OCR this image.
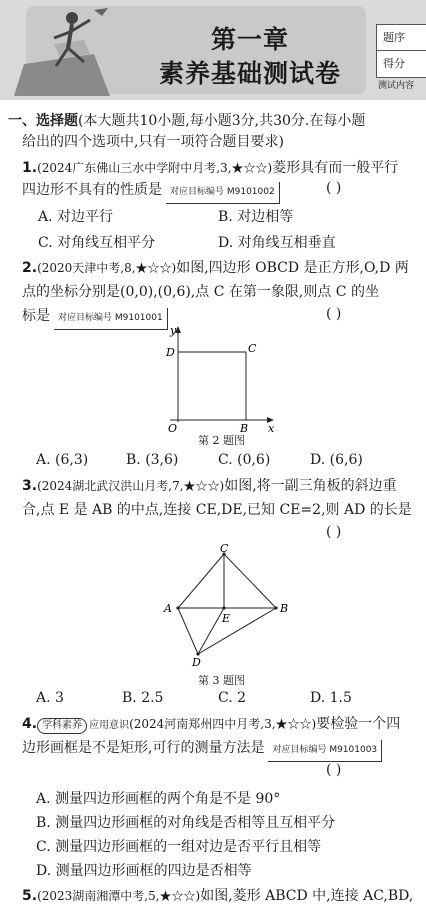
第一章
素养基础测试卷
题序
得分
测试内容
一、选择题(本大题共10小题,每小题3分,共30分.在每小题
给出的四个选项中,只有一项符合题目要求)
1.(2024广东佛山三水中学附中月考,3,★☆☆)菱形具有而一般平行
四边形不具有的性质是 对应目标编号 M9101002	( )
A. 对边平行	B. 对边相等
C. 对角线互相平分	D. 对角线互相垂直
2.(2020天津中考,8,★☆☆)如图,四边形 OBCD 是正方形,O,D 两
点的坐标分别是(0,0),(0,6),点 C 在第一象限,则点 C 的坐
标是 对应目标编号 M9101001	( )
y
x
D	C
O	B
第 2 题图
A. (6,3)	B. (3,6)	C. (0,6)	D. (6,6)
3.(2024湖北武汉洪山月考,7,★☆☆)如图,将一副三角板的斜边重
合,点 E 是 AB 的中点,连接 CE,DE,已知 CE=2,则 AD 的长是
( )
C
A	B
E
D
第 3 题图
A. 3	B. 2.5	C. 2	D. 1.5
4. 学科素养 应用意识(2024河南郑州四中月考,3,★☆☆)要检验一个四
边形画框是不是矩形,可行的测量方法是 对应目标编号 M9101003
( )
A. 测量四边形画框的两个角是不是 90°
B. 测量四边形画框的对角线是否相等且互相平分
C. 测量四边形画框的一组对边是否平行且相等
D. 测量四边形画框的四边是否相等
5.(2023湖南湘潭中考,5,★☆☆)如图,菱形 ABCD 中,连接 AC,BD,
